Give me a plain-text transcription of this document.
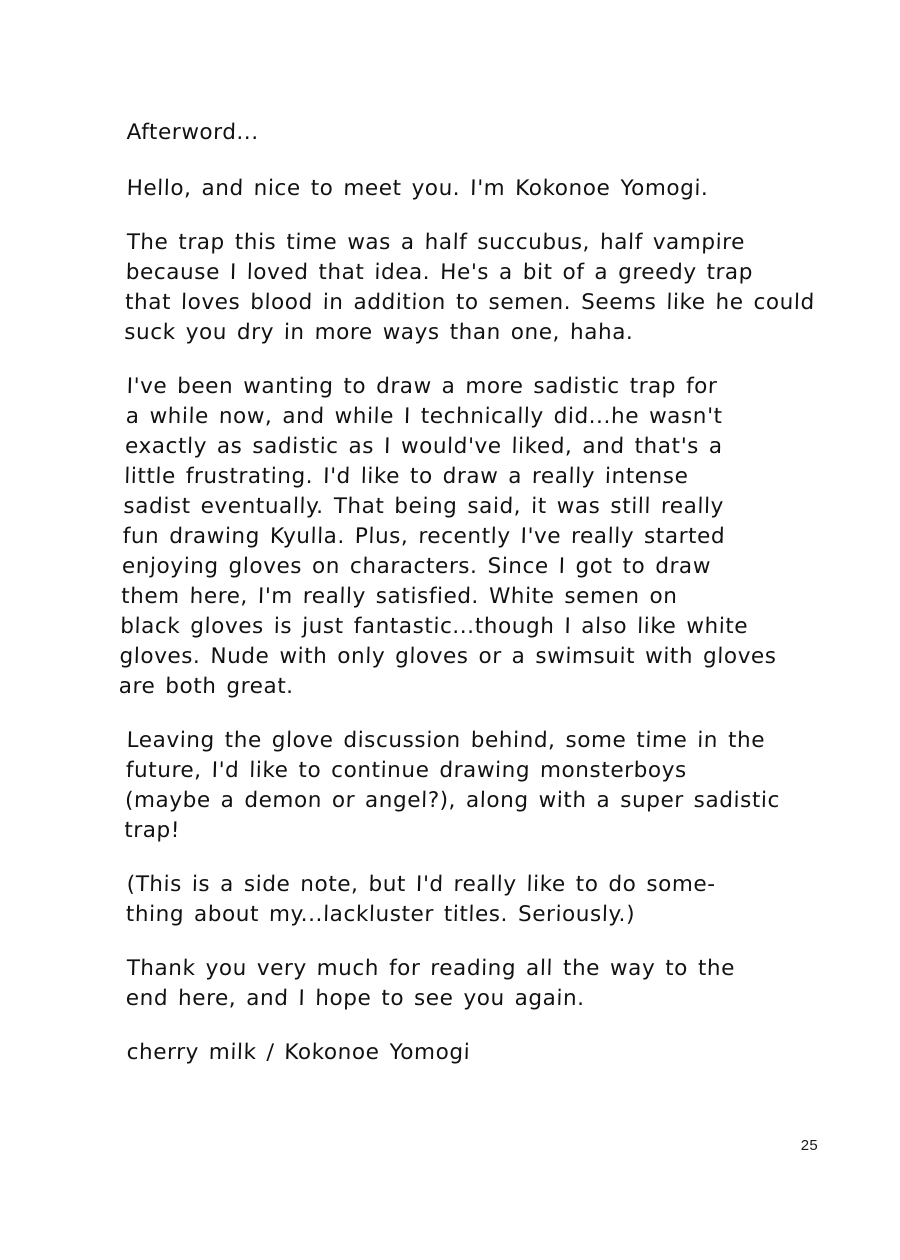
Afterword...

Hello, and nice to meet you. I'm Kokonoe Yomogi.

The trap this time was a half succubus, half vampire
because I loved that idea. He's a bit of a greedy trap
that loves blood in addition to semen. Seems like he could
suck you dry in more ways than one, haha.

I've been wanting to draw a more sadistic trap for
a while now, and while I technically did...he wasn't
exactly as sadistic as I would've liked, and that's a
little frustrating. I'd like to draw a really intense
sadist eventually. That being said, it was still really
fun drawing Kyulla. Plus, recently I've really started
enjoying gloves on characters. Since I got to draw
them here, I'm really satisfied. White semen on
black gloves is just fantastic...though I also like white
gloves. Nude with only gloves or a swimsuit with gloves
are both great.

Leaving the glove discussion behind, some time in the
future, I'd like to continue drawing monsterboys
(maybe a demon or angel?), along with a super sadistic
trap!

(This is a side note, but I'd really like to do some-
thing about my...lackluster titles. Seriously.)

Thank you very much for reading all the way to the
end here, and I hope to see you again.

cherry milk / Kokonoe Yomogi

25
